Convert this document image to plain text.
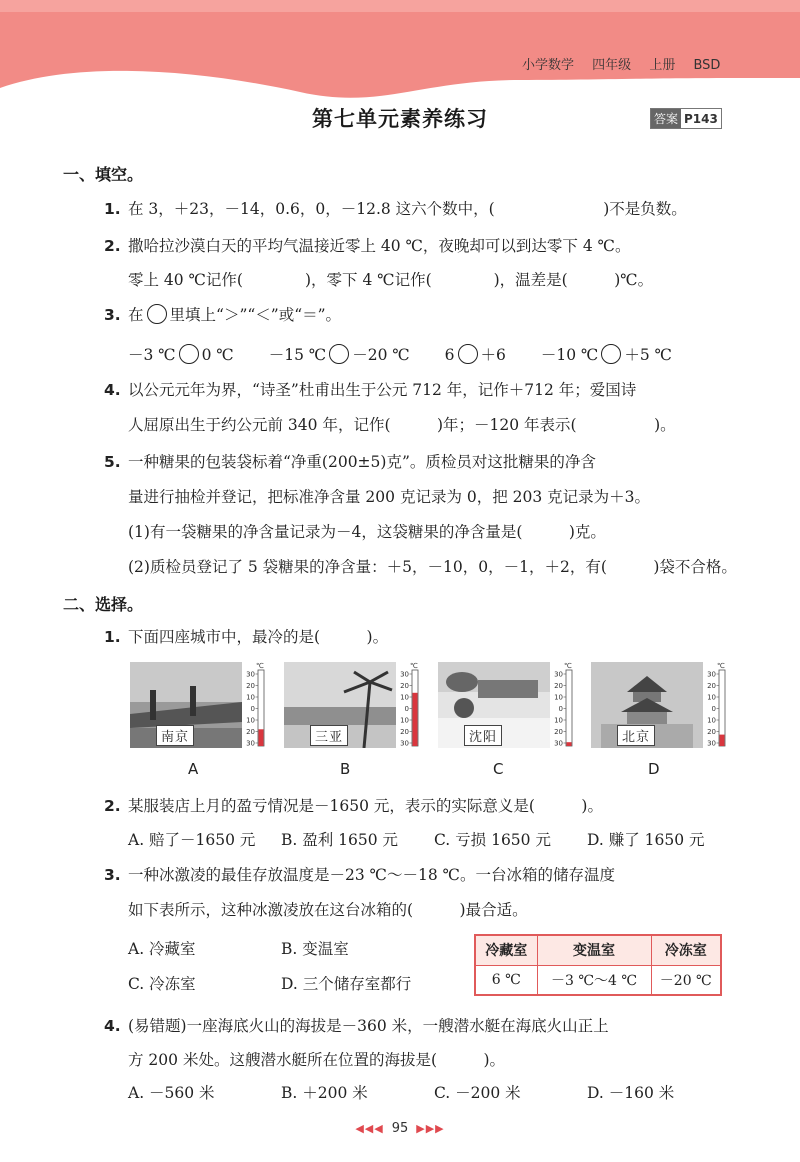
小学数学 四年级 上册 BSD
第七单元素养练习	答案 P143
一、填空。
1. 在 3，＋23，－14，0.6，0，－12.8 这六个数中，(　　　　　　　)不是负数。
2. 撒哈拉沙漠白天的平均气温接近零上 40 ℃，夜晚却可以到达零下 4 ℃。
零上 40 ℃记作(　　　　)，零下 4 ℃记作(　　　　)，温差是(　　　)℃。
3. 在 里填上“＞”“＜”或“＝”。
－3 ℃ 0 ℃ －15 ℃ －20 ℃ 6 ＋6 －10 ℃ ＋5 ℃
4. 以公元元年为界，“诗圣”杜甫出生于公元 712 年，记作＋712 年；爱国诗
人屈原出生于约公元前 340 年，记作(　　　)年；－120 年表示(　　　　　)。
5. 一种糖果的包装袋标着“净重(200±5)克”。质检员对这批糖果的净含
量进行抽检并登记，把标准净含量 200 克记录为 0，把 203 克记录为＋3。
(1)有一袋糖果的净含量记录为－4，这袋糖果的净含量是(　　　)克。
(2)质检员登记了 5 袋糖果的净含量：＋5，－10，0，－1，＋2，有(　　　)袋不合格。
二、选择。
1. 下面四座城市中，最冷的是(　　　)。
南京
℃
30
20
10
0
10
20
30	三亚
℃
30
20
10
0
10
20
30	沈阳
℃
30
20
10
0
10
20
30	北京
℃
30
20
10
0
10
20
30
A	B	C	D
2. 某服装店上月的盈亏情况是－1650 元，表示的实际意义是(　　　)。
A. 赔了－1650 元 B. 盈利 1650 元 C. 亏损 1650 元 D. 赚了 1650 元
3. 一种冰激凌的最佳存放温度是－23 ℃～－18 ℃。一台冰箱的储存温度
如下表所示，这种冰激凌放在这台冰箱的(　　　)最合适。
A. 冷藏室	B. 变温室
C. 冷冻室	D. 三个储存室都行
冷藏室	变温室	冷冻室
6 ℃	－3 ℃～4 ℃	－20 ℃
4. (易错题)一座海底火山的海拔是－360 米，一艘潜水艇在海底火山正上
方 200 米处。这艘潜水艇所在位置的海拔是(　　　)。
A. －560 米	B. ＋200 米	C. －200 米	D. －160 米
◀◀◀ 95 ▶▶▶
